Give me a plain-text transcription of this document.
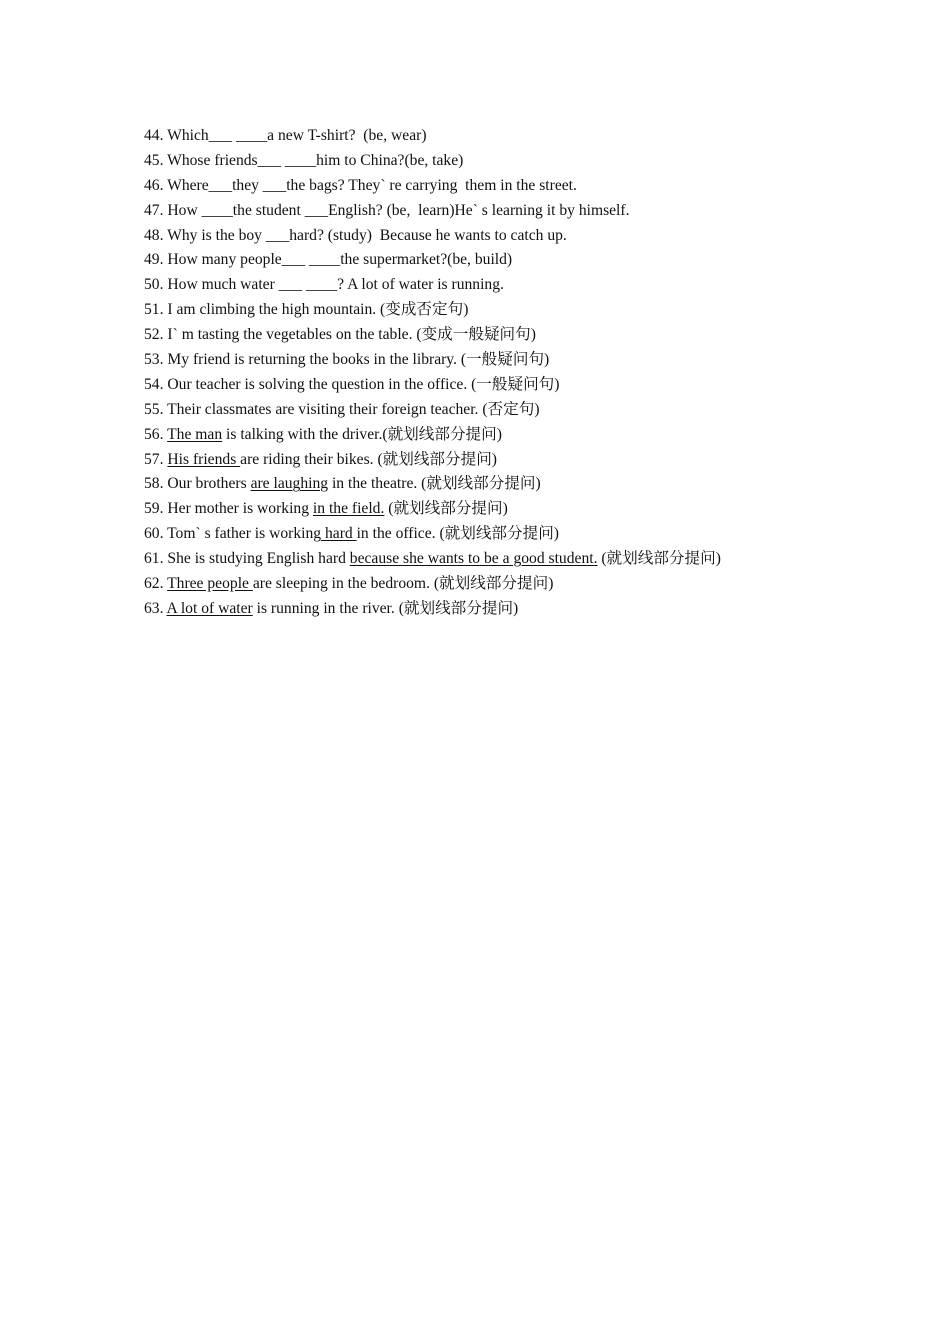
44. Which___ ____a new T-shirt?  (be, wear)
45. Whose friends___ ____him to China?(be, take)
46. Where___they ___the bags? They` re carrying  them in the street.
47. How ____the student ___English? (be,  learn)He` s learning it by himself.
48. Why is the boy ___hard? (study)  Because he wants to catch up.
49. How many people___ ____the supermarket?(be, build)
50. How much water ___ ____? A lot of water is running.
51. I am climbing the high mountain. (变成否定句)
52. I` m tasting the vegetables on the table. (变成一般疑问句)
53. My friend is returning the books in the library. (一般疑问句)
54. Our teacher is solving the question in the office. (一般疑问句)
55. Their classmates are visiting their foreign teacher. (否定句)
56. The man is talking with the driver.(就划线部分提问)
57. His friends are riding their bikes. (就划线部分提问)
58. Our brothers are laughing in the theatre. (就划线部分提问)
59. Her mother is working in the field. (就划线部分提问)
60. Tom` s father is working hard in the office. (就划线部分提问)
61. She is studying English hard because she wants to be a good student. (就划线部分提问)
62. Three people are sleeping in the bedroom. (就划线部分提问)
63. A lot of water is running in the river. (就划线部分提问)
